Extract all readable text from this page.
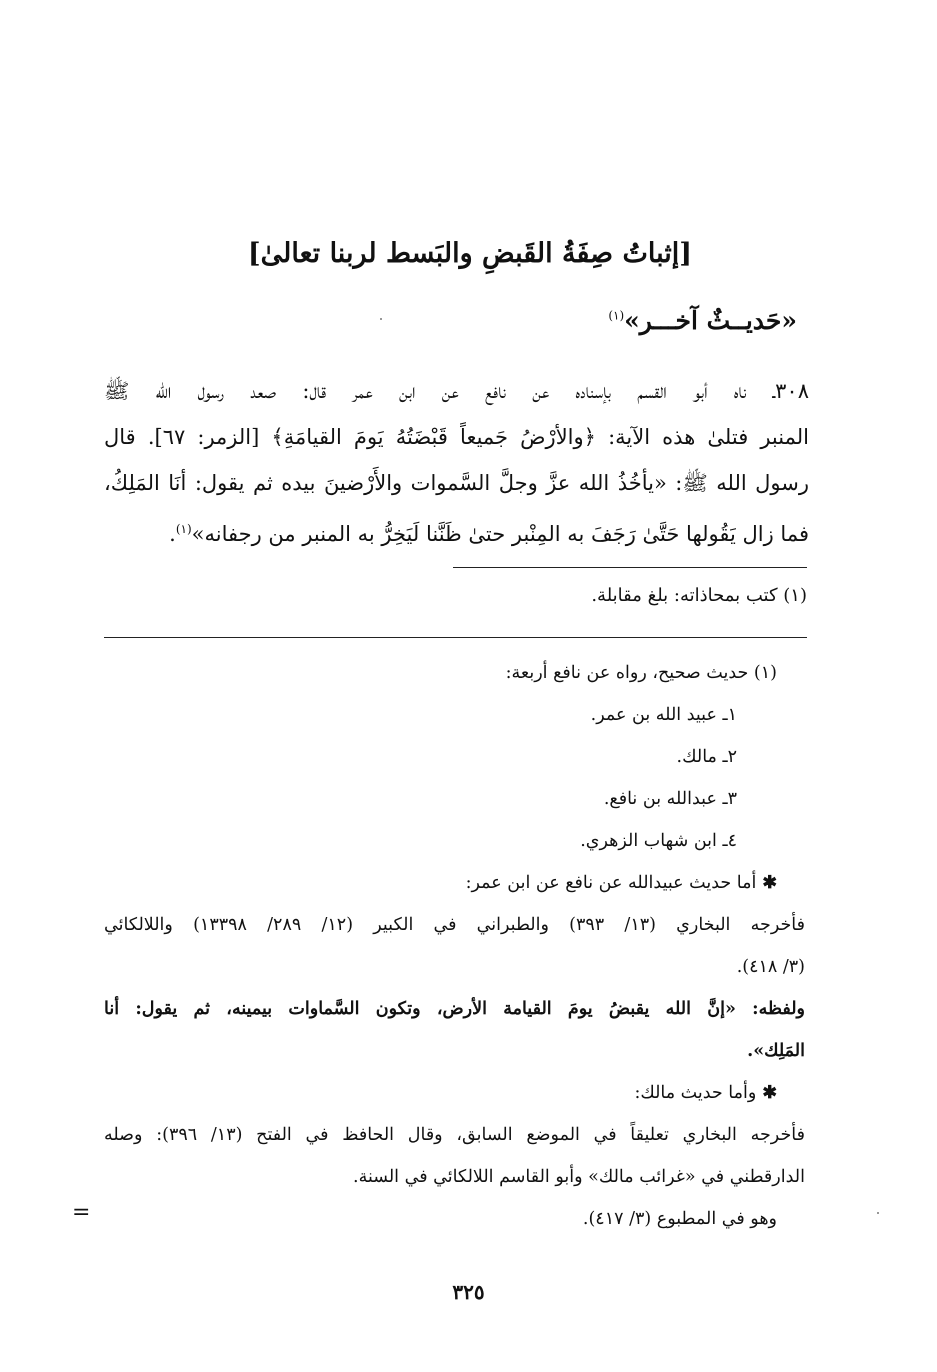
[إثباتُ صِفَةُ القَبضِ والبَسط لربنا تعالىٰ]
«حَديــثٌ آخـــر»$^{(١)}$
٣٠٨ـ ناه أبو القسم بإسناده عن نافع عن ابن عمر قال: صعد رسول الله ﷺ
المنبر فتلىٰ هذه الآية: ﴿والأرْضُ جَميعاً قَبْضَتُهُ يَومَ القيامَةِ﴾ [الزمر: ٦٧]. قال
رسول الله ﷺ: «يأخُذُ الله عزَّ وجلَّ السَّموات والأَرْضينَ بيده ثم يقول: أنَا المَلِكُ،
فما زال يَقُولها حَتَّىٰ رَجَفَ به المِنْبر حتىٰ ظَنَّنا لَيَخِرُّ به المنبر من رجفانه»$^{(١)}$.
(١) كتب بمحاذاته: بلغ مقابلة.
(١) حديث صحيح، رواه عن نافع أربعة:
١ـ عبيد الله بن عمر.
٢ـ مالك.
٣ـ عبدالله بن نافع.
٤ـ ابن شهاب الزهري.
✱أما حديث عبيدالله عن نافع عن ابن عمر:
فأخرجه البخاري (١٣/ ٣٩٣) والطبراني في الكبير (١٢/ ٢٨٩/ ١٣٣٩٨) واللالكائي
(٣/ ٤١٨).
ولفظه: «إنَّ الله يقبضُ يومَ القيامة الأرض، وتكون السَّماوات بيمينه، ثم يقول: أنا
المَلِك».
✱وأما حديث مالك:
فأخرجه البخاري تعليقاً في الموضع السابق، وقال الحافظ في الفتح (١٣/ ٣٩٦): وصله
الدارقطني في «غرائب مالك» وأبو القاسم اللالكائي في السنة.
وهو في المطبوع (٣/ ٤١٧).
٣٢٥
=
